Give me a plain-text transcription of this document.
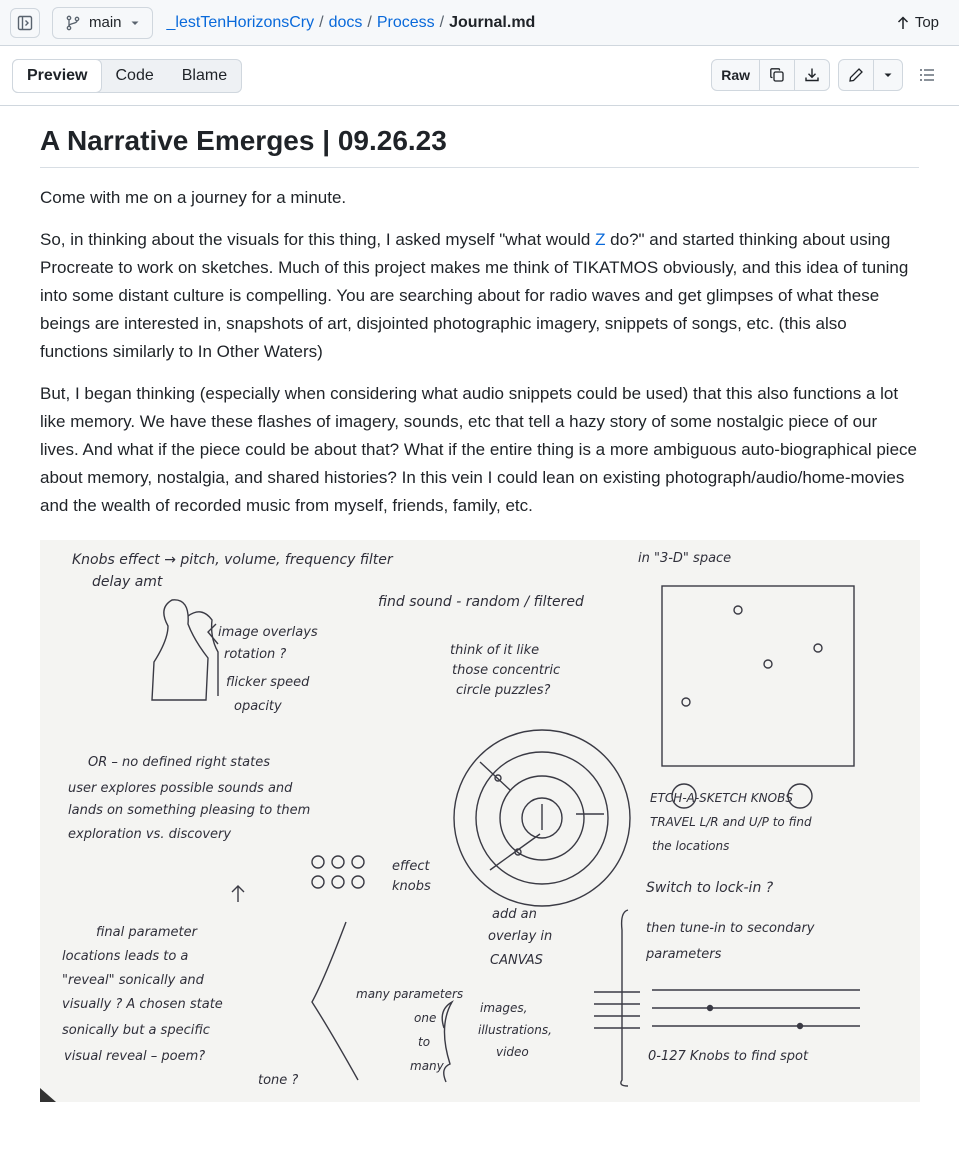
main	_lestTenHorizonsCry / docs / Process / Journal.md	Top
Preview	Code	Blame	Raw
A Narrative Emerges | 09.26.23

Come with me on a journey for a minute.

So, in thinking about the visuals for this thing, I asked myself "what would Z do?" and started thinking about using Procreate to work on sketches. Much of this project makes me think of TIKATMOS obviously, and this idea of tuning into some distant culture is compelling. You are searching about for radio waves and get glimpses of what these beings are interested in, snapshots of art, disjointed photographic imagery, snippets of songs, etc. (this also functions similarly to In Other Waters)

But, I began thinking (especially when considering what audio snippets could be used) that this also functions a lot like memory. We have these flashes of imagery, sounds, etc that tell a hazy story of some nostalgic piece of our lives. And what if the piece could be about that? What if the entire thing is a more ambiguous auto-biographical piece about memory, nostalgia, and shared histories? In this vein I could lean on existing photograph/audio/home-movies and the wealth of recorded music from myself, friends, family, etc.

Knobs effect → pitch, volume, frequency filter
delay amt
in "3-D" space
find sound - random / filtered
image overlays
rotation ?
flicker speed
opacity
think of it like
those concentric
circle puzzles?
OR – no defined right states
user explores possible sounds and
lands on something pleasing to them
exploration vs. discovery
effect
knobs
ETCH-A-SKETCH KNOBS
TRAVEL L/R and U/P to find
the locations
Switch to lock-in ?
final parameter
locations leads to a
"reveal" sonically and
visually ? A chosen state
sonically but a specific
visual reveal – poem?
tone ?
add an
overlay in
CANVAS
many parameters
one
to
many
images,
illustrations,
video
then tune-in to secondary
parameters
0-127 Knobs to find spot
